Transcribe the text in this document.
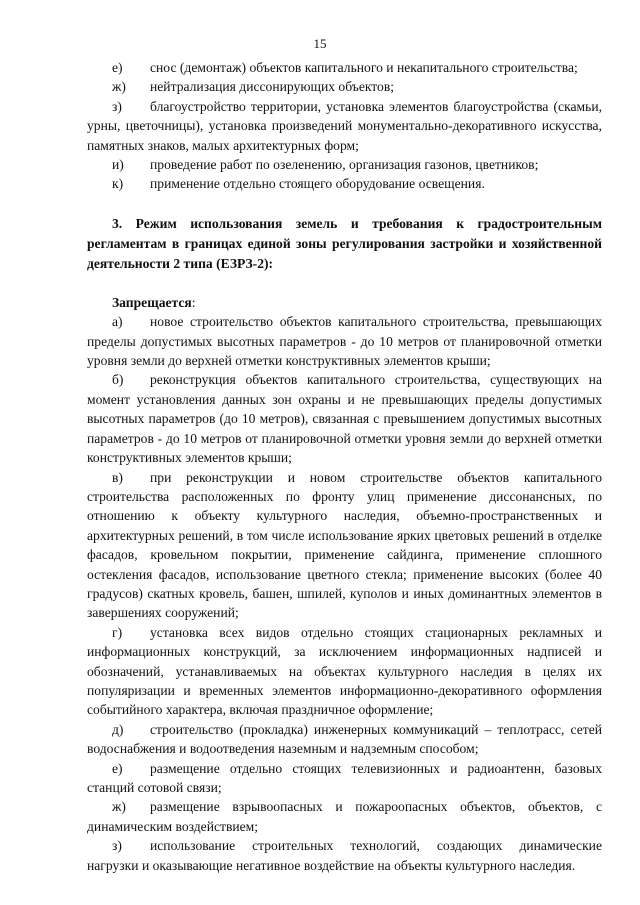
15

е) снос (демонтаж) объектов капитального и некапитального строительства;

ж) нейтрализация диссонирующих объектов;

з) благоустройство территории, установка элементов благоустройства (скамьи, урны, цветочницы), установка произведений монументально-декоративного искусства, памятных знаков, малых архитектурных форм;

и) проведение работ по озеленению, организация газонов, цветников;

к) применение отдельно стоящего оборудование освещения.

3. Режим использования земель и требования к градостроительным регламентам в границах единой зоны регулирования застройки и хозяйственной деятельности 2 типа (ЕЗРЗ-2):

Запрещается:

а) новое строительство объектов капитального строительства, превышающих пределы допустимых высотных параметров - до 10 метров от планировочной отметки уровня земли до верхней отметки конструктивных элементов крыши;

б) реконструкция объектов капитального строительства, существующих на момент установления данных зон охраны и не превышающих пределы допустимых высотных параметров (до 10 метров), связанная с превышением допустимых высотных параметров - до 10 метров от планировочной отметки уровня земли до верхней отметки конструктивных элементов крыши;

в) при реконструкции и новом строительстве объектов капитального строительства расположенных по фронту улиц применение диссонансных, по отношению к объекту культурного наследия, объемно-пространственных и архитектурных решений, в том числе использование ярких цветовых решений в отделке фасадов, кровельном покрытии, применение сайдинга, применение сплошного остекления фасадов, использование цветного стекла; применение высоких (более 40 градусов) скатных кровель, башен, шпилей, куполов и иных доминантных элементов в завершениях сооружений;

г) установка всех видов отдельно стоящих стационарных рекламных и информационных конструкций, за исключением информационных надписей и обозначений, устанавливаемых на объектах культурного наследия в целях их популяризации и временных элементов информационно-декоративного оформления событийного характера, включая праздничное оформление;

д) строительство (прокладка) инженерных коммуникаций – теплотрасс, сетей водоснабжения и водоотведения наземным и надземным способом;

е) размещение отдельно стоящих телевизионных и радиоантенн, базовых станций сотовой связи;

ж) размещение взрывоопасных и пожароопасных объектов, объектов, с динамическим воздействием;

з) использование строительных технологий, создающих динамические нагрузки и оказывающие негативное воздействие на объекты культурного наследия.
